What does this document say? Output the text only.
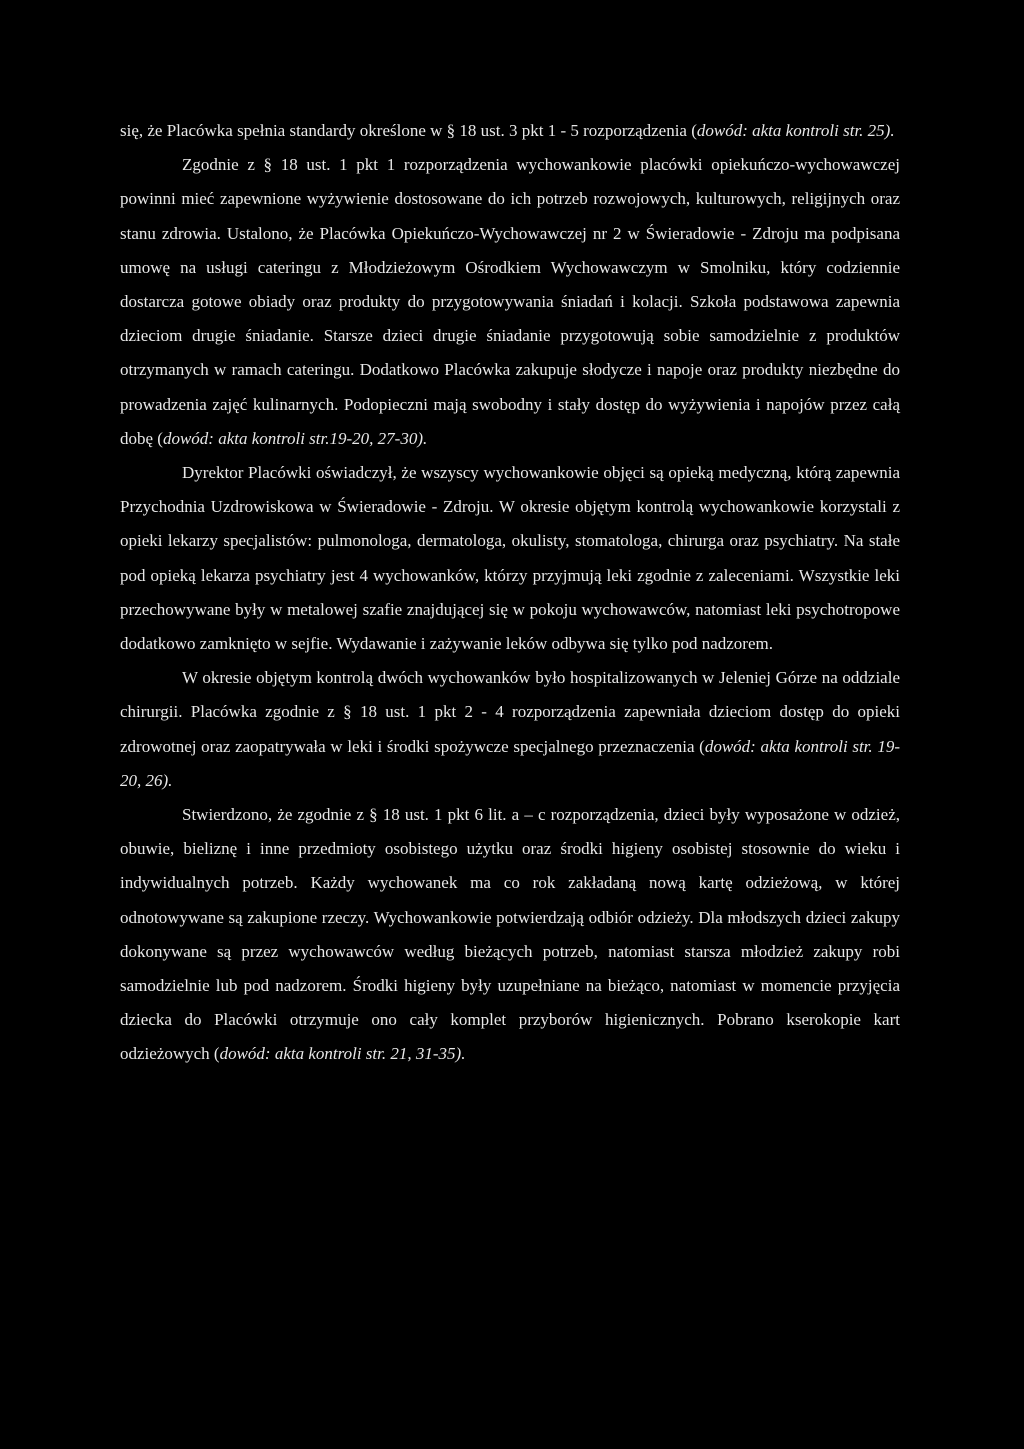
się, że Placówka spełnia standardy określone w § 18 ust. 3 pkt 1 - 5 rozporządzenia (dowód: akta kontroli str. 25).

Zgodnie z § 18 ust. 1 pkt 1 rozporządzenia wychowankowie placówki opiekuńczo-wychowawczej powinni mieć zapewnione wyżywienie dostosowane do ich potrzeb rozwojowych, kulturowych, religijnych oraz stanu zdrowia. Ustalono, że Placówka Opiekuńczo-Wychowawczej nr 2 w Świeradowie - Zdroju ma podpisana umowę na usługi cateringu z Młodzieżowym Ośrodkiem Wychowawczym w Smolniku, który codziennie dostarcza gotowe obiady oraz produkty do przygotowywania śniadań i kolacji. Szkoła podstawowa zapewnia dzieciom drugie śniadanie. Starsze dzieci drugie śniadanie przygotowują sobie samodzielnie z produktów otrzymanych w ramach cateringu. Dodatkowo Placówka zakupuje słodycze i napoje oraz produkty niezbędne do prowadzenia zajęć kulinarnych. Podopieczni mają swobodny i stały dostęp do wyżywienia i napojów przez całą dobę (dowód: akta kontroli str.19-20, 27-30).

Dyrektor Placówki oświadczył, że wszyscy wychowankowie objęci są opieką medyczną, którą zapewnia Przychodnia Uzdrowiskowa w Świeradowie - Zdroju. W okresie objętym kontrolą wychowankowie korzystali z opieki lekarzy specjalistów: pulmonologa, dermatologa, okulisty, stomatologa, chirurga oraz psychiatry. Na stałe pod opieką lekarza psychiatry jest 4 wychowanków, którzy przyjmują leki zgodnie z zaleceniami. Wszystkie leki przechowywane były w metalowej szafie znajdującej się w pokoju wychowawców, natomiast leki psychotropowe dodatkowo zamknięto w sejfie. Wydawanie i zażywanie leków odbywa się tylko pod nadzorem.

W okresie objętym kontrolą dwóch wychowanków było hospitalizowanych w Jeleniej Górze na oddziale chirurgii. Placówka zgodnie z § 18 ust. 1 pkt 2 - 4 rozporządzenia zapewniała dzieciom dostęp do opieki zdrowotnej oraz zaopatrywała w leki i środki spożywcze specjalnego przeznaczenia (dowód: akta kontroli str. 19-20, 26).

Stwierdzono, że zgodnie z § 18 ust. 1 pkt 6 lit. a – c rozporządzenia, dzieci były wyposażone w odzież, obuwie, bieliznę i inne przedmioty osobistego użytku oraz środki higieny osobistej stosownie do wieku i indywidualnych potrzeb. Każdy wychowanek ma co rok zakładaną nową kartę odzieżową, w której odnotowywane są zakupione rzeczy. Wychowankowie potwierdzają odbiór odzieży. Dla młodszych dzieci zakupy dokonywane są przez wychowawców według bieżących potrzeb, natomiast starsza młodzież zakupy robi samodzielnie lub pod nadzorem. Środki higieny były uzupełniane na bieżąco, natomiast w momencie przyjęcia dziecka do Placówki otrzymuje ono cały komplet przyborów higienicznych. Pobrano kserokopie kart odzieżowych (dowód: akta kontroli str. 21, 31-35).
